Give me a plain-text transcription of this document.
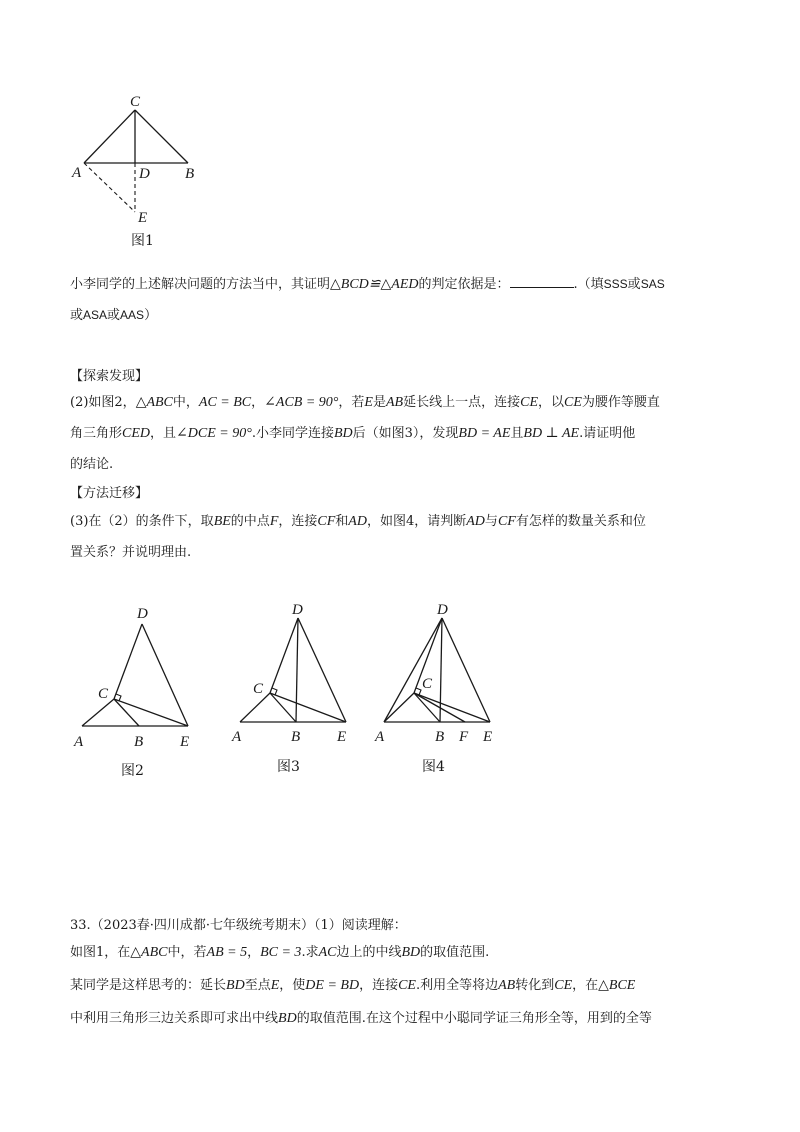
C
A	D B
E
图1
小李同学的上述解决问题的方法当中，其证明△BCD≌△AED的判定依据是：	.（填SSS或SAS
或ASA或AAS）
【探索发现】
(2)如图2，△ABC中，AC = BC，∠ACB = 90°，若E是AB延长线上一点，连接CE，以CE为腰作等腰直
角三角形CED，且∠DCE = 90°.小李同学连接BD后（如图3），发现BD = AE且BD ⊥ AE.请证明他
的结论.
【方法迁移】
(3)在（2）的条件下，取BE的中点F，连接CF和AD，如图4，请判断AD与CF有怎样的数量关系和位
置关系？并说明理由.
D
C
A	B E
图2
D
C
A	B E
图3
D
C
A	B F E
图4
33.（2023春·四川成都·七年级统考期末）（1）阅读理解：
如图1，在△ABC中，若AB = 5，BC = 3.求AC边上的中线BD的取值范围.
某同学是这样思考的：延长BD至点E，使DE = BD，连接CE.利用全等将边AB转化到CE，在△BCE
中利用三角形三边关系即可求出中线BD的取值范围.在这个过程中小聪同学证三角形全等，用到的全等
